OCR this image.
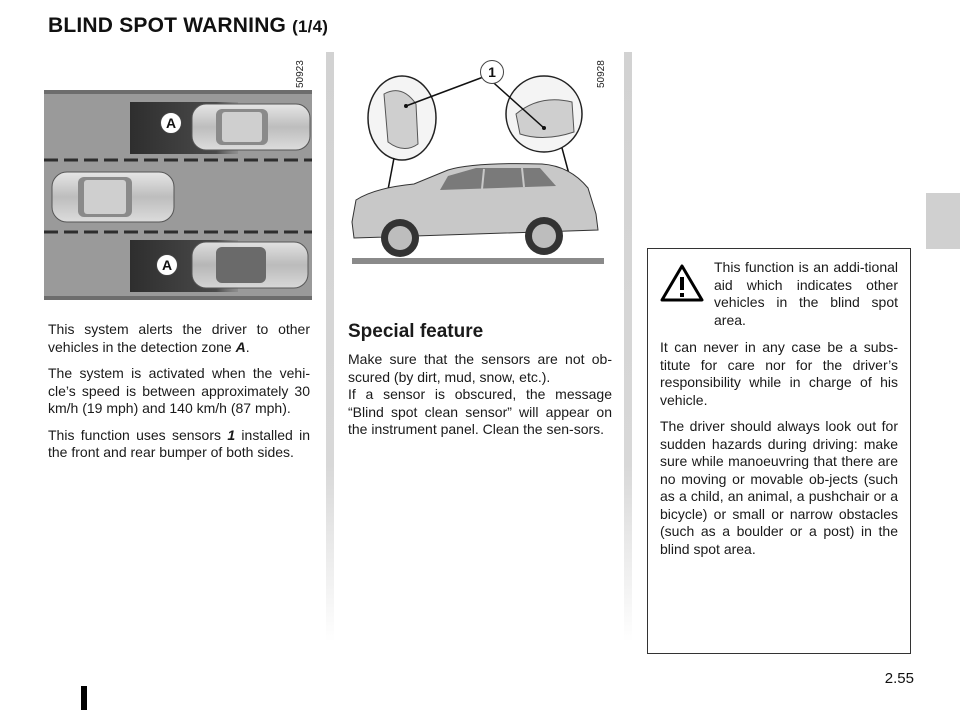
BLIND SPOT WARNING (1/4)
A
A
50923	1	50928

This system alerts the driver to other vehicles in the detection zone A.

The system is activated when the vehi-cle’s speed is between approximately 30 km/h (19 mph) and 140 km/h (87 mph).

This function uses sensors 1 installed in the front and rear bumper of both sides.

Special feature

Make sure that the sensors are not ob-scured (by dirt, mud, snow, etc.).

If a sensor is obscured, the message “Blind spot clean sensor” will appear on the instrument panel. Clean the sen-sors.

This function is an addi-tional aid which indicates other vehicles in the blind spot area.

It can never in any case be a subs-titute for care nor for the driver’s responsibility while in charge of his vehicle.

The driver should always look out for sudden hazards during driving: make sure while manoeuvring that there are no moving or movable ob-jects (such as a child, an animal, a pushchair or a bicycle) or small or narrow obstacles (such as a boulder or a post) in the blind spot area.

2.55
